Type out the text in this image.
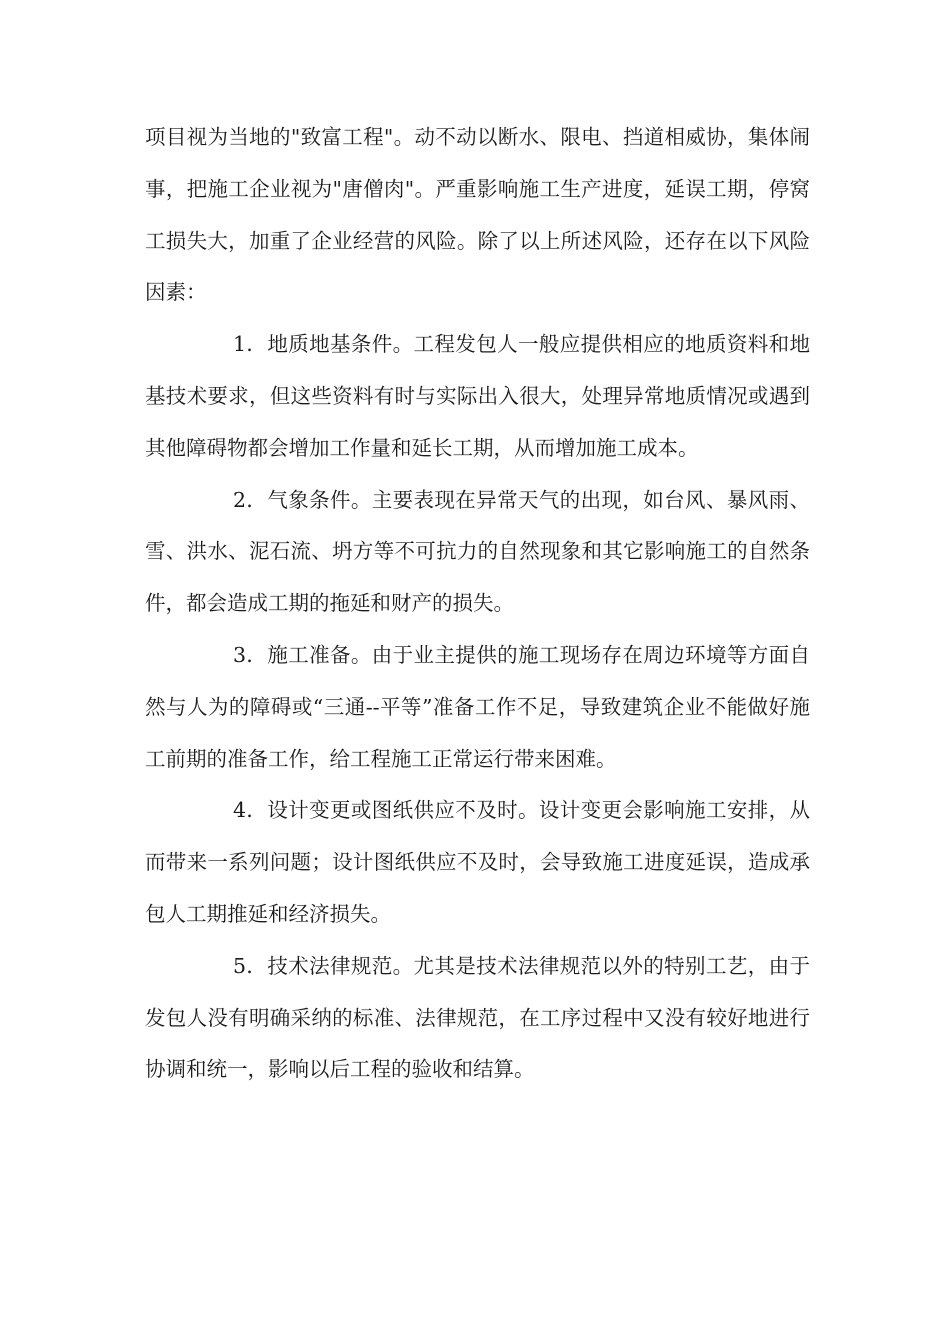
项目视为当地的"致富工程"。动不动以断水、限电、挡道相威协，集体闹事，把施工企业视为"唐僧肉"。严重影响施工生产进度，延误工期，停窝工损失大，加重了企业经营的风险。除了以上所述风险，还存在以下风险因素：

1．地质地基条件。工程发包人一般应提供相应的地质资料和地基技术要求，但这些资料有时与实际出入很大，处理异常地质情况或遇到其他障碍物都会增加工作量和延长工期，从而增加施工成本。

2．气象条件。主要表现在异常天气的出现，如台风、暴风雨、雪、洪水、泥石流、坍方等不可抗力的自然现象和其它影响施工的自然条件，都会造成工期的拖延和财产的损失。

3．施工准备。由于业主提供的施工现场存在周边环境等方面自然与人为的障碍或“三通--平等”准备工作不足，导致建筑企业不能做好施工前期的准备工作，给工程施工正常运行带来困难。

4．设计变更或图纸供应不及时。设计变更会影响施工安排，从而带来一系列问题；设计图纸供应不及时，会导致施工进度延误，造成承包人工期推延和经济损失。

5．技术法律规范。尤其是技术法律规范以外的特别工艺，由于发包人没有明确采纳的标准、法律规范，在工序过程中又没有较好地进行协调和统一，影响以后工程的验收和结算。
